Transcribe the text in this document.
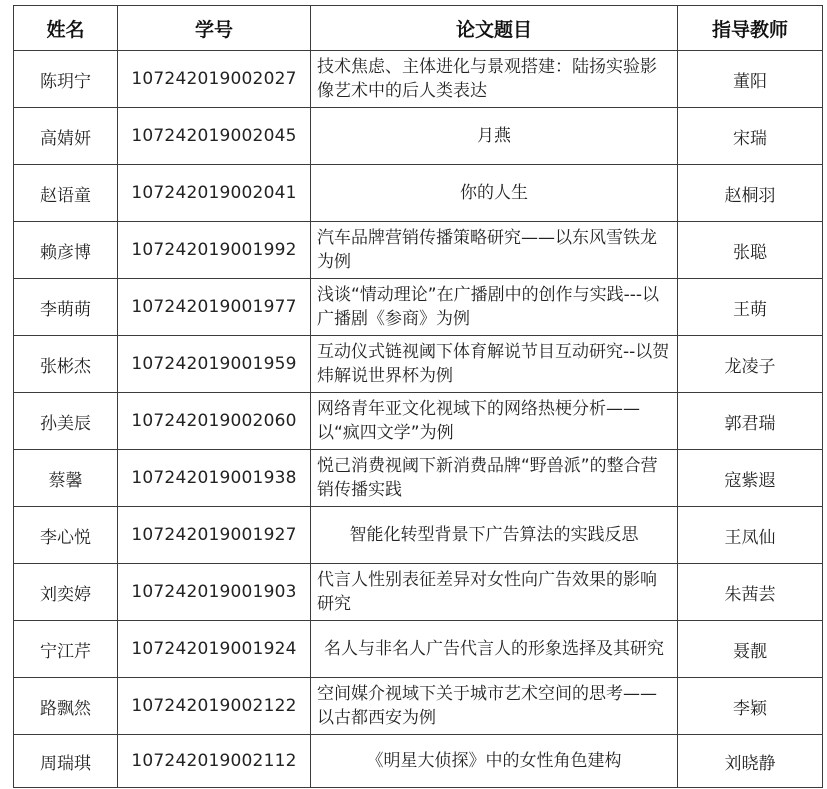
姓名	学号	论文题目	指导教师
陈玥宁	107242019002027	技术焦虑、主体进化与景观搭建：陆扬实验影像艺术中的后人类表达	董阳
高婧妍	107242019002045	月燕	宋瑞
赵语童	107242019002041	你的人生	赵桐羽
赖彦博	107242019001992	汽车品牌营销传播策略研究——以东风雪铁龙为例	张聪
李萌萌	107242019001977	浅谈“情动理论”在广播剧中的创作与实践---以广播剧《参商》为例	王萌
张彬杰	107242019001959	互动仪式链视阈下体育解说节目互动研究--以贺炜解说世界杯为例	龙凌子
孙美辰	107242019002060	网络青年亚文化视域下的网络热梗分析——以“疯四文学”为例	郭君瑞
蔡馨	107242019001938	悦己消费视阈下新消费品牌“野兽派”的整合营销传播实践	寇紫遐
李心悦	107242019001927	智能化转型背景下广告算法的实践反思	王凤仙
刘奕婷	107242019001903	代言人性别表征差异对女性向广告效果的影响研究	朱茜芸
宁江芹	107242019001924	名人与非名人广告代言人的形象选择及其研究	聂靓
路飘然	107242019002122	空间媒介视域下关于城市艺术空间的思考——以古都西安为例	李颖
周瑞琪	107242019002112	《明星大侦探》中的女性角色建构	刘晓静
